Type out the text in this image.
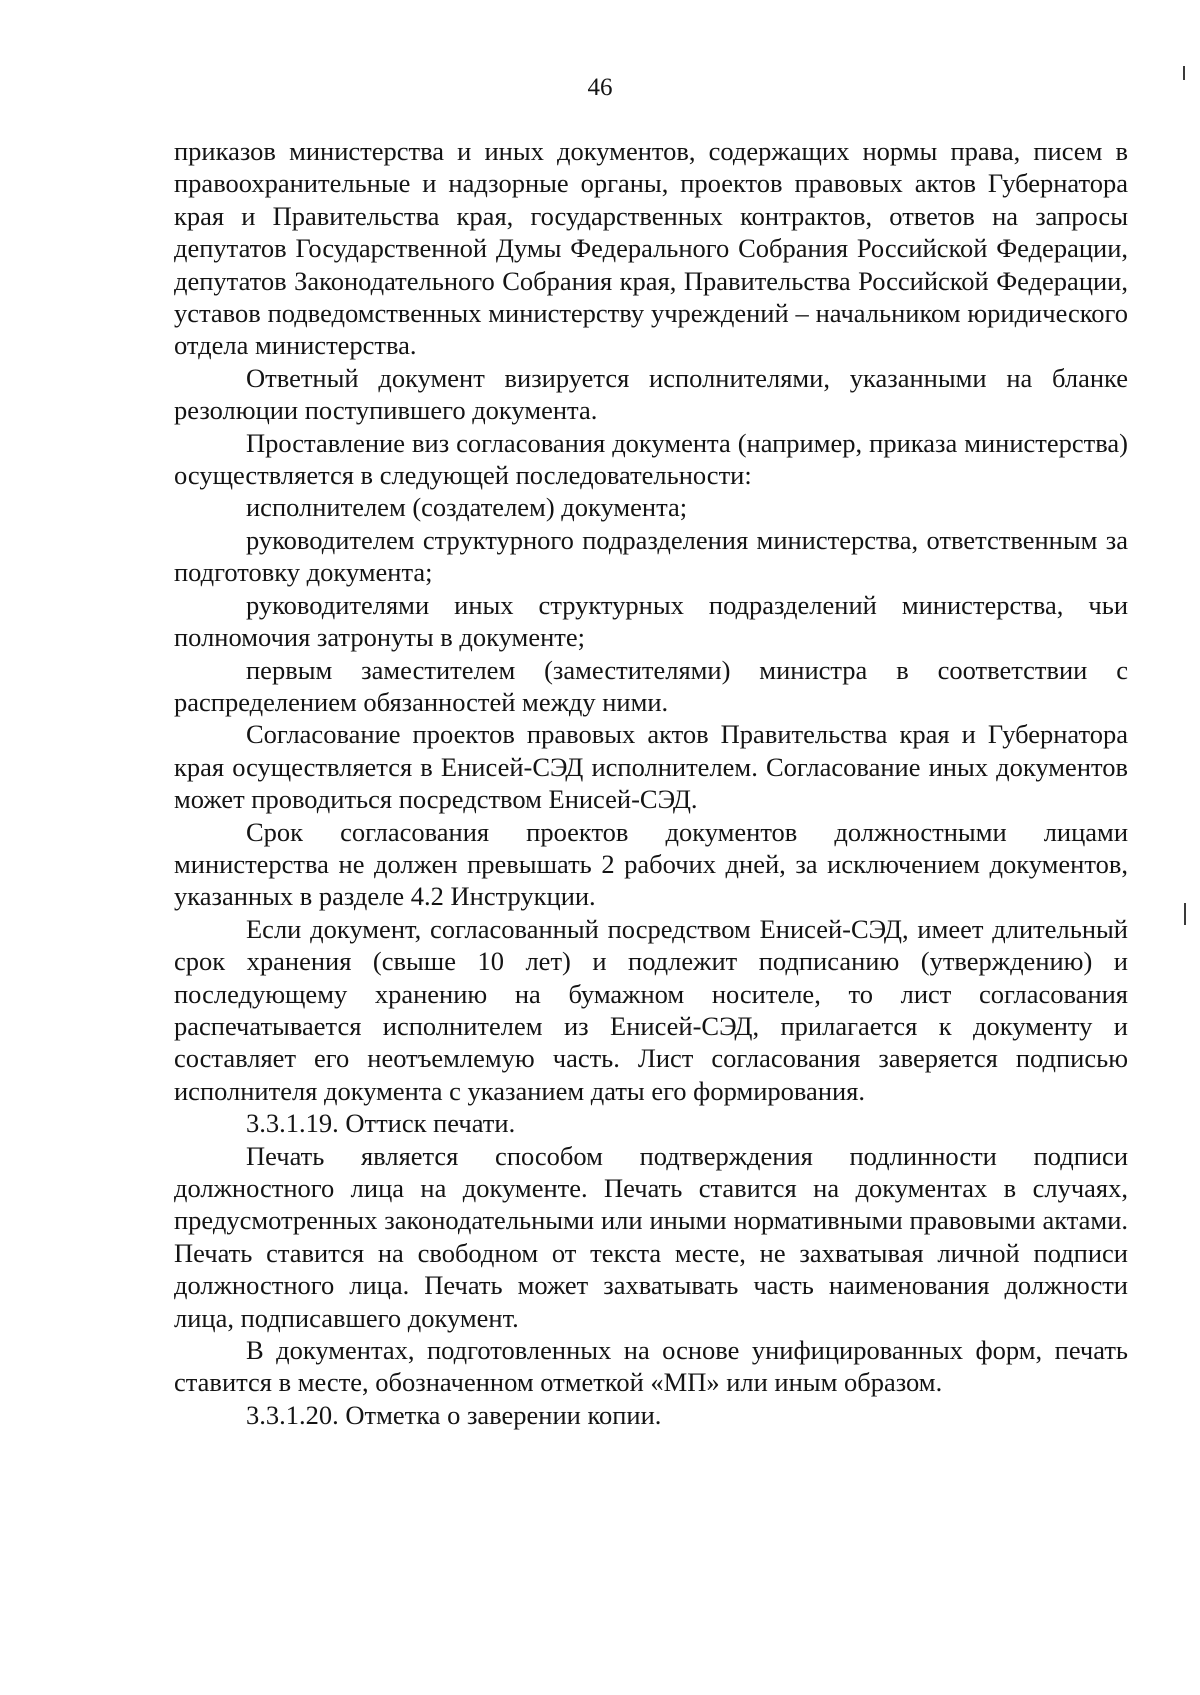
46

приказов министерства и иных документов, содержащих нормы права, писем в правоохранительные и надзорные органы, проектов правовых актов Губернатора края и Правительства края, государственных контрактов, ответов на запросы депутатов Государственной Думы Федерального Собрания Российской Федерации, депутатов Законодательного Собрания края, Правительства Российской Федерации, уставов подведомственных министерству учреждений – начальником юридического отдела министерства.

Ответный документ визируется исполнителями, указанными на бланке резолюции поступившего документа.

Проставление виз согласования документа (например, приказа министерства) осуществляется в следующей последовательности:

исполнителем (создателем) документа;

руководителем структурного подразделения министерства, ответственным за подготовку документа;

руководителями иных структурных подразделений министерства, чьи полномочия затронуты в документе;

первым заместителем (заместителями) министра в соответствии с распределением обязанностей между ними.

Согласование проектов правовых актов Правительства края и Губернатора края осуществляется в Енисей-СЭД исполнителем. Согласование иных документов может проводиться посредством Енисей-СЭД.

Срок согласования проектов документов должностными лицами министерства не должен превышать 2 рабочих дней, за исключением документов, указанных в разделе 4.2 Инструкции.

Если документ, согласованный посредством Енисей-СЭД, имеет длительный срок хранения (свыше 10 лет) и подлежит подписанию (утверждению) и последующему хранению на бумажном носителе, то лист согласования распечатывается исполнителем из Енисей-СЭД, прилагается к документу и составляет его неотъемлемую часть. Лист согласования заверяется подписью исполнителя документа с указанием даты его формирования.

3.3.1.19. Оттиск печати.

Печать является способом подтверждения подлинности подписи должностного лица на документе. Печать ставится на документах в случаях, предусмотренных законодательными или иными нормативными правовыми актами. Печать ставится на свободном от текста месте, не захватывая личной подписи должностного лица. Печать может захватывать часть наименования должности лица, подписавшего документ.

В документах, подготовленных на основе унифицированных форм, печать ставится в месте, обозначенном отметкой «МП» или иным образом.

3.3.1.20. Отметка о заверении копии.
